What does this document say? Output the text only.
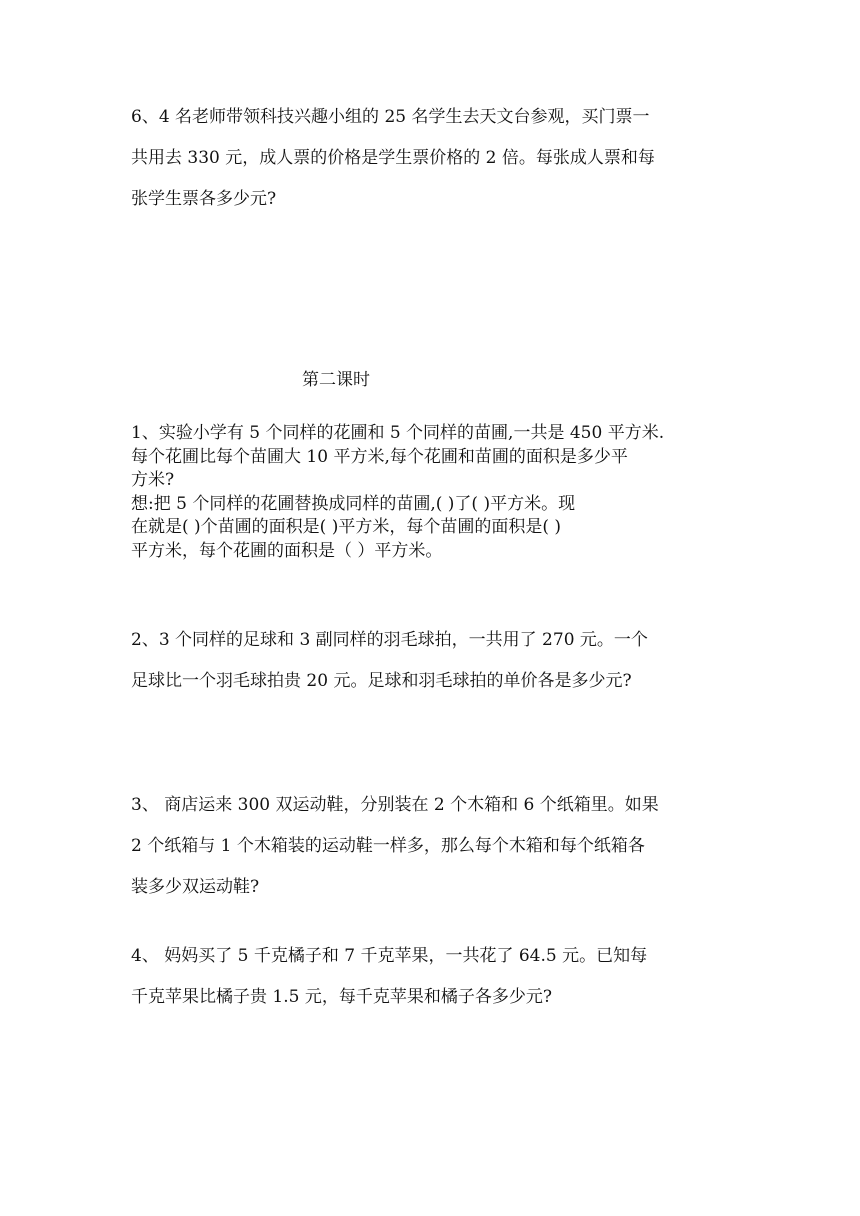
6、4 名老师带领科技兴趣小组的 25 名学生去天文台参观，买门票一
共用去 330 元，成人票的价格是学生票价格的 2 倍。每张成人票和每
张学生票各多少元?

第二课时

1、实验小学有 5 个同样的花圃和 5 个同样的苗圃,一共是 450 平方米.
每个花圃比每个苗圃大 10 平方米,每个花圃和苗圃的面积是多少平
方米?
想:把 5 个同样的花圃替换成同样的苗圃,( )了( )平方米。现
在就是( )个苗圃的面积是( )平方米，每个苗圃的面积是( )
平方米，每个花圃的面积是（ ）平方米。
2、3 个同样的足球和 3 副同样的羽毛球拍，一共用了 270 元。一个
足球比一个羽毛球拍贵 20 元。足球和羽毛球拍的单价各是多少元?
3、 商店运来 300 双运动鞋，分别装在 2 个木箱和 6 个纸箱里。如果
2 个纸箱与 1 个木箱装的运动鞋一样多，那么每个木箱和每个纸箱各
装多少双运动鞋?
4、 妈妈买了 5 千克橘子和 7 千克苹果，一共花了 64.5 元。已知每
千克苹果比橘子贵 1.5 元，每千克苹果和橘子各多少元?
